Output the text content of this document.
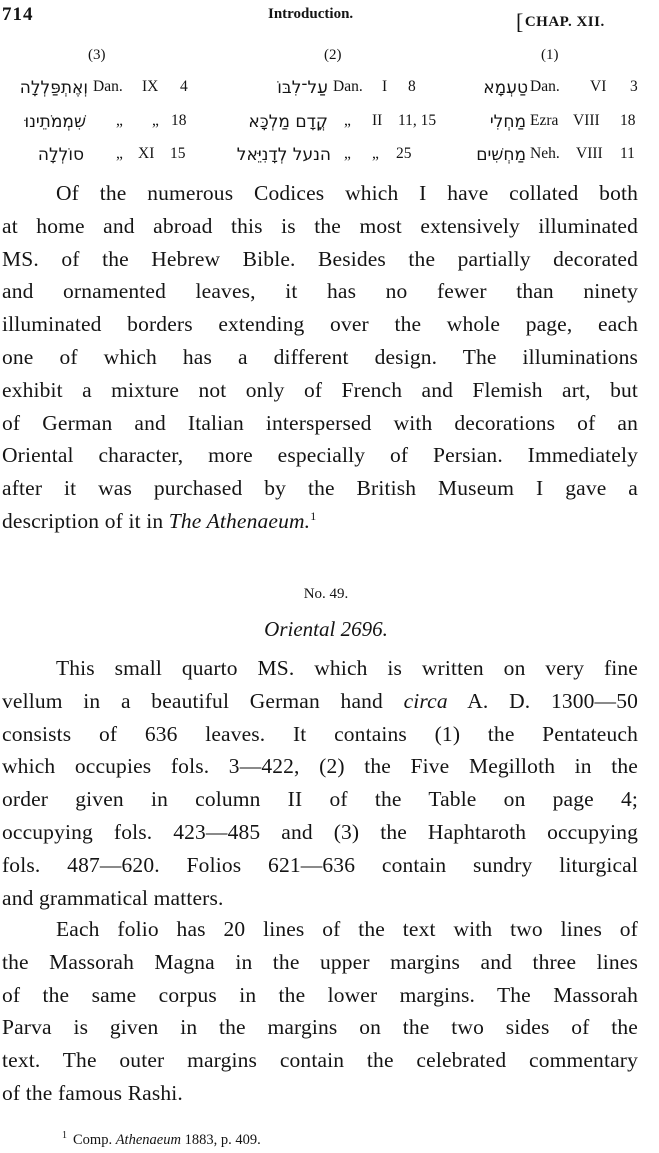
714	Introduction.	[CHAP. XII.
(3)	(2)	(1)
וְאֶתְפַּלְלָה Dan. IX 4	עַל־לִבּוֹ Dan. I 8	טַעְמָא Dan. VI 3
שִׁמְמֹתֵינוּ „ „ 18	קֳדָם מַלְכָּא „ II 11, 15	מַחְלִי Ezra VIII 18
סוֹלְלָה „ XI 15	הנעל לְדָנִיֵּאל „ „ 25	מַחְשִׁים Neh. VIII 11
Of the numerous Codices which I have collated both
at home and abroad this is the most extensively illuminated
MS. of the Hebrew Bible. Besides the partially decorated
and ornamented leaves, it has no fewer than ninety
illuminated borders extending over the whole page, each
one of which has a different design. The illuminations
exhibit a mixture not only of French and Flemish art, but
of German and Italian interspersed with decorations of an
Oriental character, more especially of Persian. Immediately
after it was purchased by the British Museum I gave a
description of it in The Athenaeum.$^1$
No. 49.
Oriental 2696.
This small quarto MS. which is written on very fine
vellum in a beautiful German hand circa A. D. 1300—50
consists of 636 leaves. It contains (1) the Pentateuch
which occupies fols. 3—422, (2) the Five Megilloth in the
order given in column II of the Table on page 4;
occupying fols. 423—485 and (3) the Haphtaroth occupying
fols. 487—620. Folios 621—636 contain sundry liturgical
and grammatical matters.
Each folio has 20 lines of the text with two lines of
the Massorah Magna in the upper margins and three lines
of the same corpus in the lower margins. The Massorah
Parva is given in the margins on the two sides of the
text. The outer margins contain the celebrated commentary
of the famous Rashi.
$^1$ Comp. Athenaeum 1883, p. 409.
